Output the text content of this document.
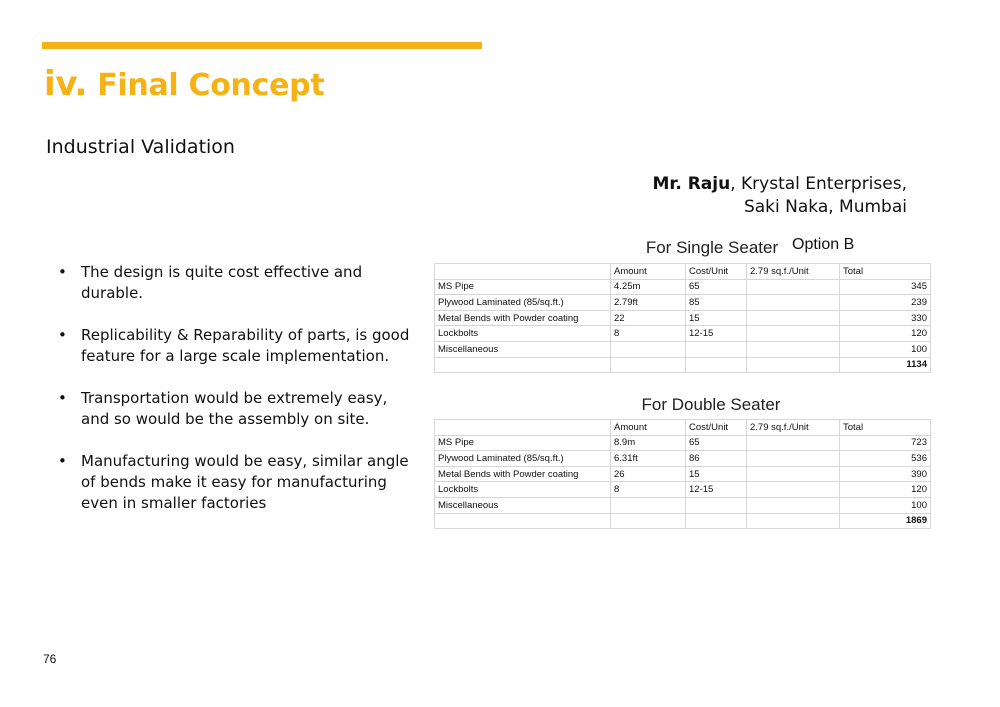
iv. Final Concept
Industrial Validation
Mr. Raju, Krystal Enterprises,
Saki Naka, Mumbai
• The design is quite cost effective and durable.
• Replicability & Reparability of parts, is good feature for a large scale implementation.
• Transportation would be extremely easy, and so would be the assembly on site.
• Manufacturing would be easy, similar angle of bends make it easy for manufacturing even in smaller factories
For Single Seater Option B
	Amount	Cost/Unit	2.79 sq.f./Unit	Total
MS Pipe	4.25m	65		345
Plywood Laminated (85/sq.ft.)	2.79ft	85		239
Metal Bends with Powder coating	22	15		330
Lockbolts	8	12-15		120
Miscellaneous				100
				1134
For Double Seater
	Amount	Cost/Unit	2.79 sq.f./Unit	Total
MS Pipe	8.9m	65		723
Plywood Laminated (85/sq.ft.)	6.31ft	86		536
Metal Bends with Powder coating	26	15		390
Lockbolts	8	12-15		120
Miscellaneous				100
				1869
76
